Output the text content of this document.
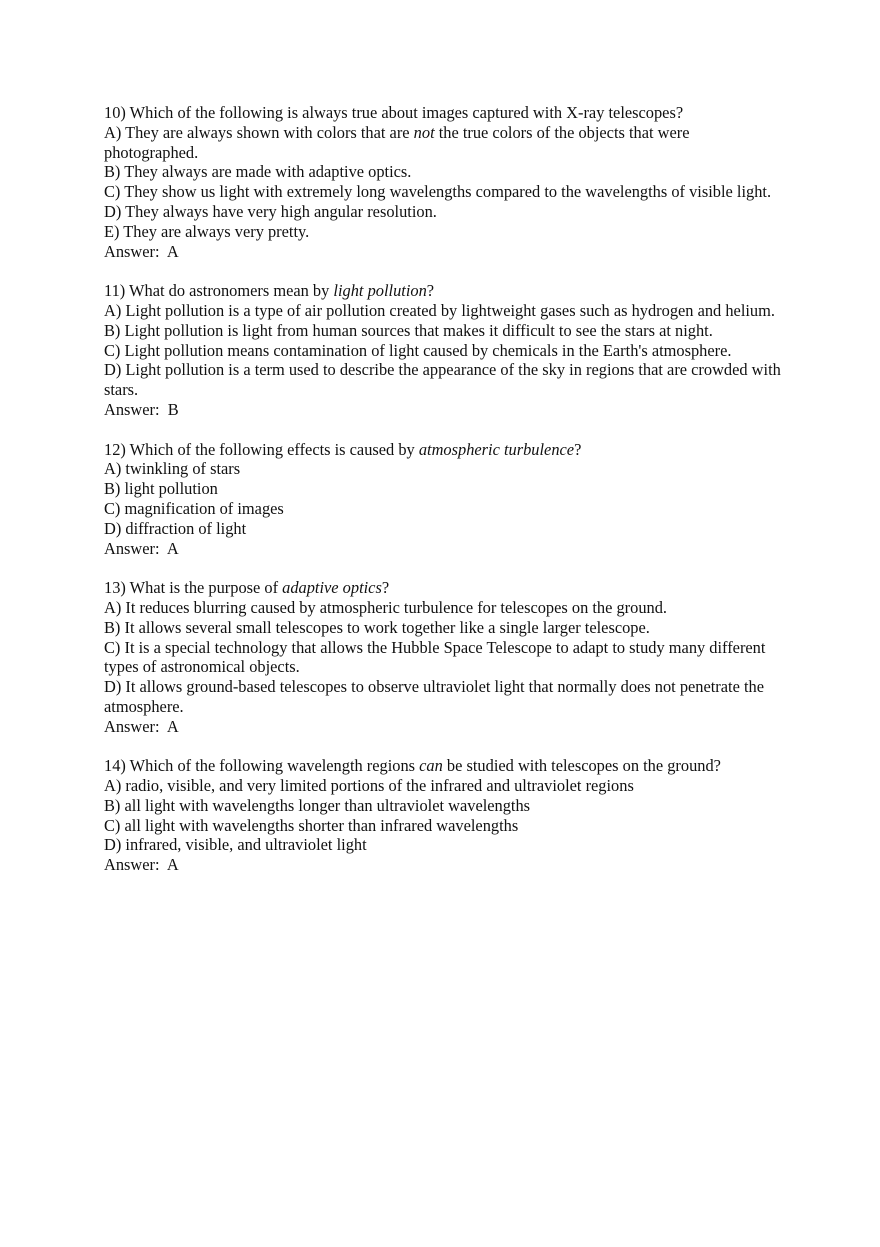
10) Which of the following is always true about images captured with X-ray telescopes?
A) They are always shown with colors that are not the true colors of the objects that were photographed.
B) They always are made with adaptive optics.
C) They show us light with extremely long wavelengths compared to the wavelengths of visible light.
D) They always have very high angular resolution.
E) They are always very pretty.
Answer:  A
11) What do astronomers mean by light pollution?
A) Light pollution is a type of air pollution created by lightweight gases such as hydrogen and helium.
B) Light pollution is light from human sources that makes it difficult to see the stars at night.
C) Light pollution means contamination of light caused by chemicals in the Earth's atmosphere.
D) Light pollution is a term used to describe the appearance of the sky in regions that are crowded with stars.
Answer:  B
12) Which of the following effects is caused by atmospheric turbulence?
A) twinkling of stars
B) light pollution
C) magnification of images
D) diffraction of light
Answer:  A
13) What is the purpose of adaptive optics?
A) It reduces blurring caused by atmospheric turbulence for telescopes on the ground.
B) It allows several small telescopes to work together like a single larger telescope.
C) It is a special technology that allows the Hubble Space Telescope to adapt to study many different types of astronomical objects.
D) It allows ground-based telescopes to observe ultraviolet light that normally does not penetrate the atmosphere.
Answer:  A
14) Which of the following wavelength regions can be studied with telescopes on the ground?
A) radio, visible, and very limited portions of the infrared and ultraviolet regions
B) all light with wavelengths longer than ultraviolet wavelengths
C) all light with wavelengths shorter than infrared wavelengths
D) infrared, visible, and ultraviolet light
Answer:  A
